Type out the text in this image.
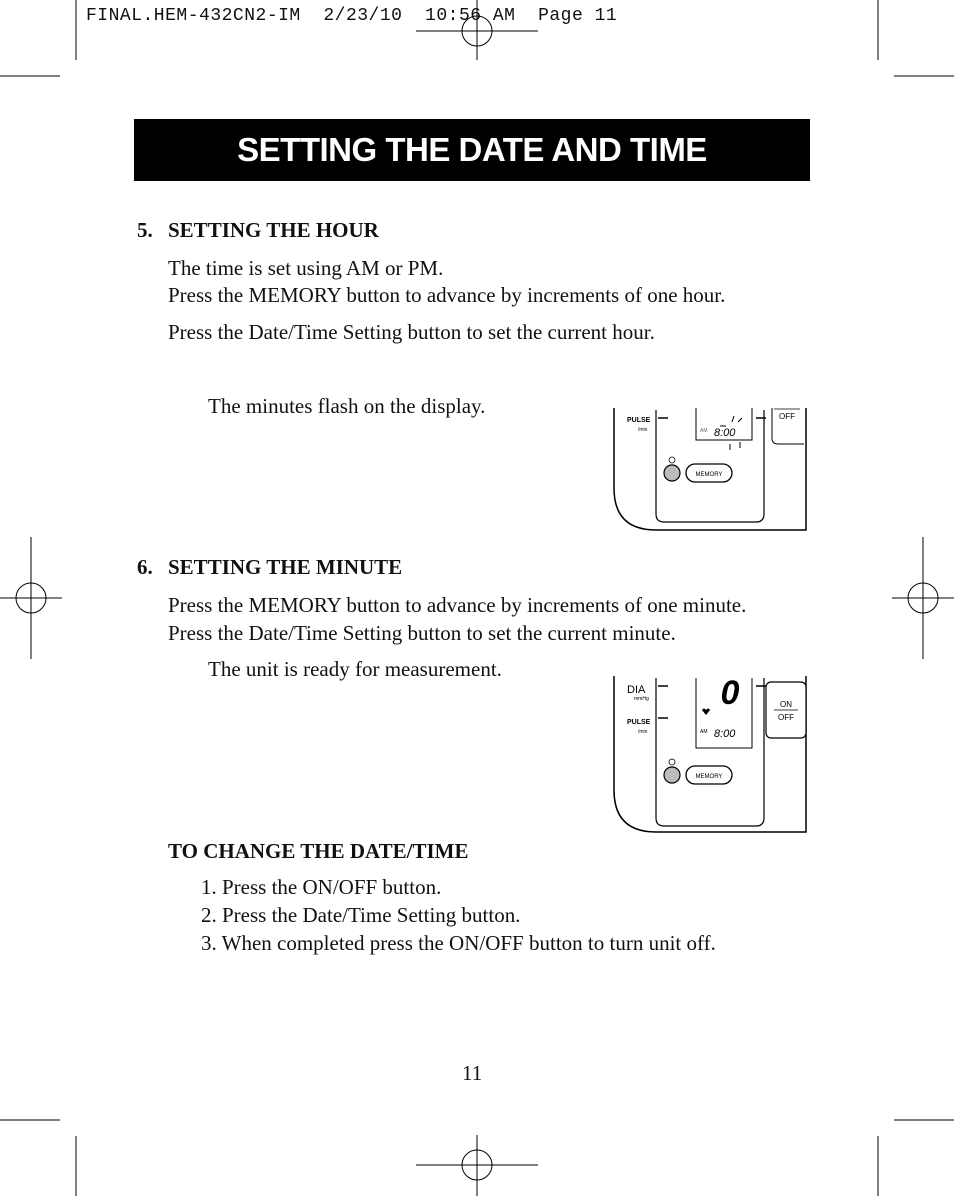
FINAL.HEM-432CN2-IM  2/23/10  10:56 AM  Page 11
SETTING THE DATE AND TIME
5. SETTING THE HOUR
The time is set using AM or PM.
Press the MEMORY button to advance by increments of one hour.
Press the Date/Time Setting button to set the current hour.
The minutes flash on the display.
PULSE
/min	AM 8:00
MEMORY
OFF
6. SETTING THE MINUTE
Press the MEMORY button to advance by increments of one minute.
Press the Date/Time Setting button to set the current minute.
The unit is ready for measurement.
DIA
mmHg
PULSE
/min
0
AM 8:00
MEMORY
ON
OFF
TO CHANGE THE DATE/TIME
1. Press the ON/OFF button.
2. Press the Date/Time Setting button.
3. When completed press the ON/OFF button to turn unit off.
11
